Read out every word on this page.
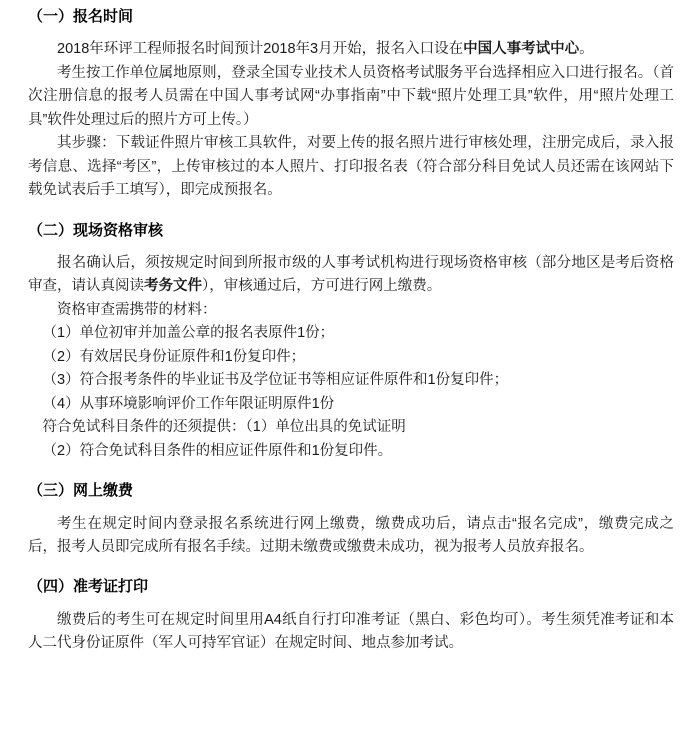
（一）报名时间

2018年环评工程师报名时间预计2018年3月开始，报名入口设在中国人事考试中心。

考生按工作单位属地原则，登录全国专业技术人员资格考试服务平台选择相应入口进行报名。（首次注册信息的报考人员需在中国人事考试网“办事指南”中下载“照片处理工具”软件，用“照片处理工具”软件处理过后的照片方可上传。）

其步骤：下载证件照片审核工具软件，对要上传的报名照片进行审核处理，注册完成后，录入报考信息、选择“考区”，上传审核过的本人照片、打印报名表（符合部分科目免试人员还需在该网站下载免试表后手工填写），即完成预报名。

（二）现场资格审核

报名确认后，须按规定时间到所报市级的人事考试机构进行现场资格审核（部分地区是考后资格审查，请认真阅读考务文件），审核通过后，方可进行网上缴费。

资格审查需携带的材料：

（1）单位初审并加盖公章的报名表原件1份；

（2）有效居民身份证原件和1份复印件；

（3）符合报考条件的毕业证书及学位证书等相应证件原件和1份复印件；

（4）从事环境影响评价工作年限证明原件1份

符合免试科目条件的还须提供：（1）单位出具的免试证明

（2）符合免试科目条件的相应证件原件和1份复印件。

（三）网上缴费

考生在规定时间内登录报名系统进行网上缴费，缴费成功后，请点击“报名完成”，缴费完成之后，报考人员即完成所有报名手续。过期未缴费或缴费未成功，视为报考人员放弃报名。

（四）准考证打印

缴费后的考生可在规定时间里用A4纸自行打印准考证（黑白、彩色均可）。考生须凭准考证和本人二代身份证原件（军人可持军官证）在规定时间、地点参加考试。
